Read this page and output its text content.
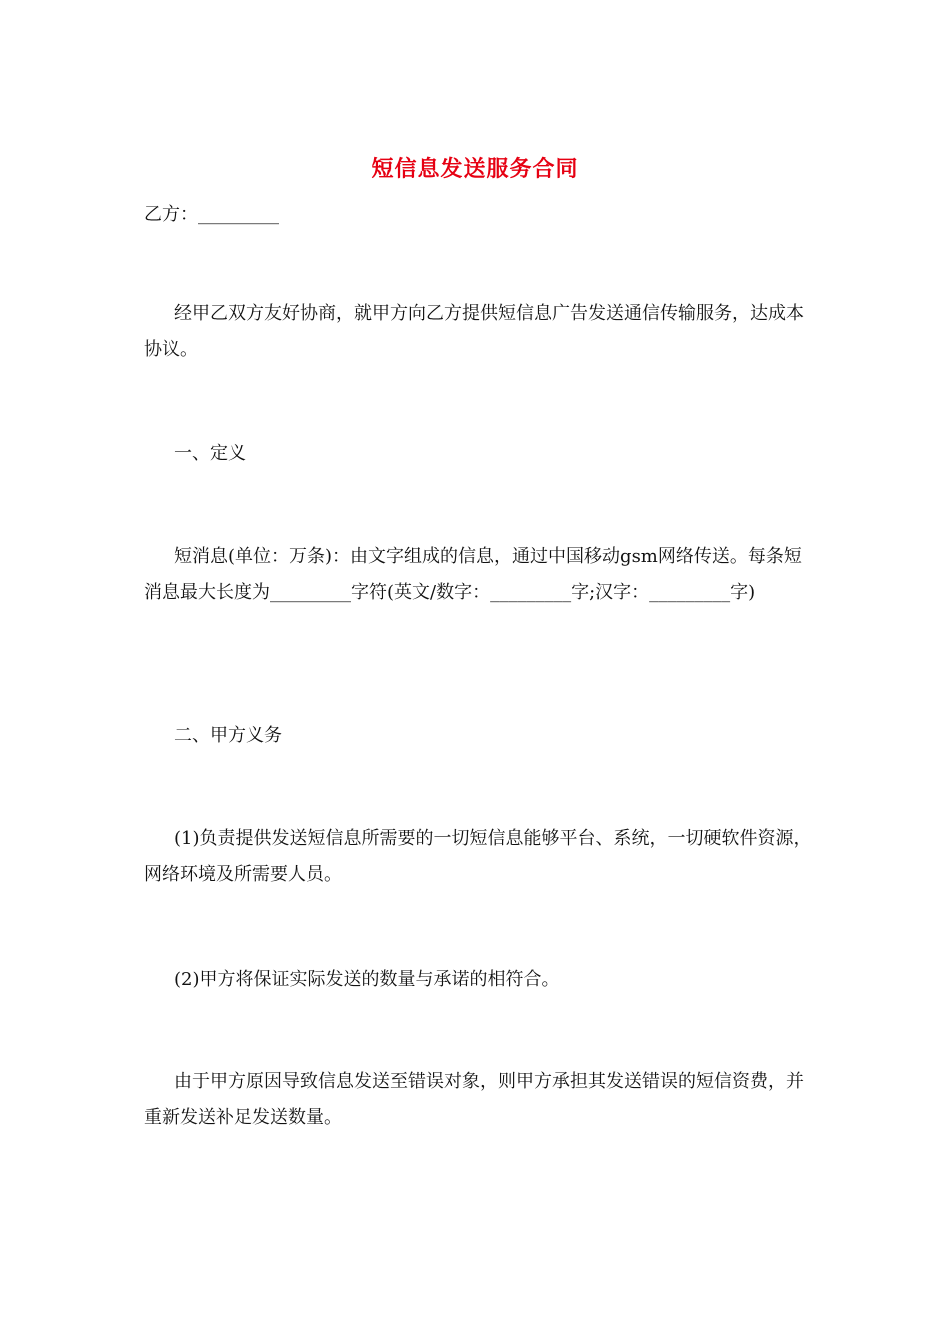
短信息发送服务合同

乙方：_________

经甲乙双方友好协商，就甲方向乙方提供短信息广告发送通信传输服务，达成本协议。

一、定义

短消息(单位：万条)：由文字组成的信息，通过中国移动gsm网络传送。每条短消息最大长度为_________字符(英文/数字：_________字;汉字：_________字)

二、甲方义务

(1)负责提供发送短信息所需要的一切短信息能够平台、系统，一切硬软件资源，网络环境及所需要人员。

(2)甲方将保证实际发送的数量与承诺的相符合。

由于甲方原因导致信息发送至错误对象，则甲方承担其发送错误的短信资费，并重新发送补足发送数量。
